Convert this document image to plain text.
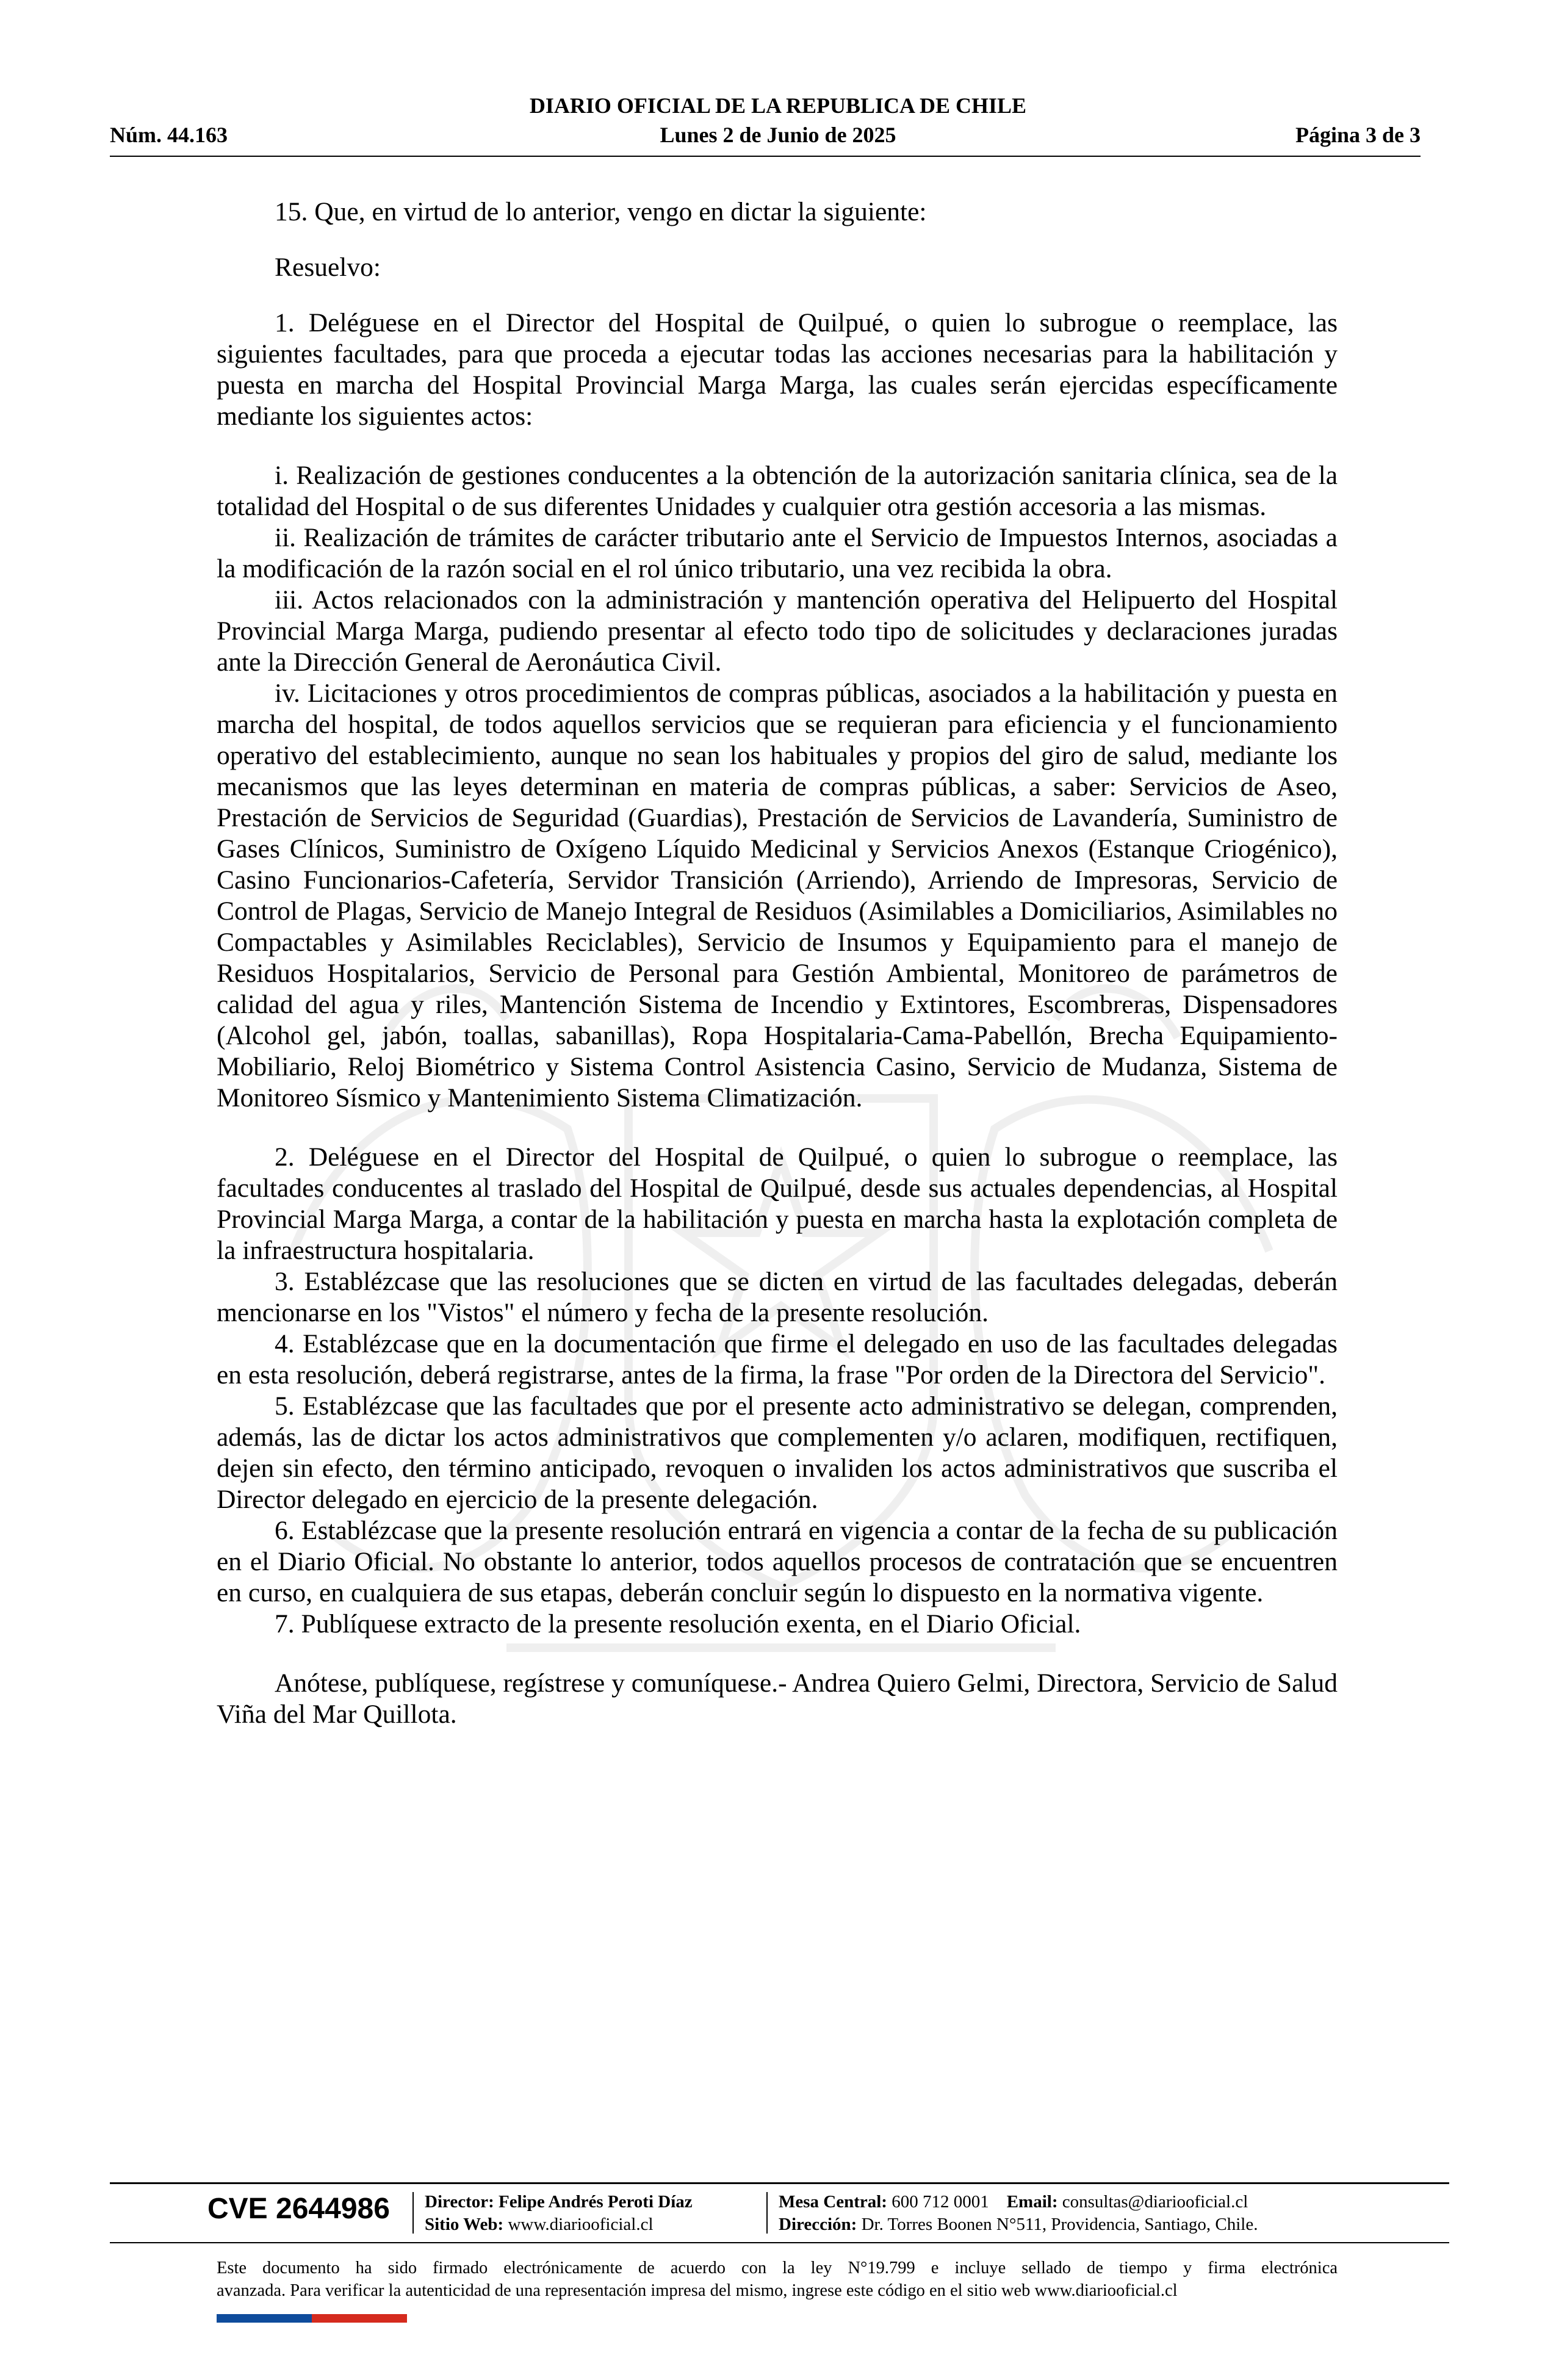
DIARIO OFICIAL DE LA REPUBLICA DE CHILE
Núm. 44.163	Lunes 2 de Junio de 2025	Página 3 de 3

15. Que, en virtud de lo anterior, vengo en dictar la siguiente:

Resuelvo:

1. Deléguese en el Director del Hospital de Quilpué, o quien lo subrogue o reemplace, las siguientes facultades, para que proceda a ejecutar todas las acciones necesarias para la habilitación y puesta en marcha del Hospital Provincial Marga Marga, las cuales serán ejercidas específicamente mediante los siguientes actos:

i. Realización de gestiones conducentes a la obtención de la autorización sanitaria clínica, sea de la totalidad del Hospital o de sus diferentes Unidades y cualquier otra gestión accesoria a las mismas.

ii. Realización de trámites de carácter tributario ante el Servicio de Impuestos Internos, asociadas a la modificación de la razón social en el rol único tributario, una vez recibida la obra.

iii. Actos relacionados con la administración y mantención operativa del Helipuerto del Hospital Provincial Marga Marga, pudiendo presentar al efecto todo tipo de solicitudes y declaraciones juradas ante la Dirección General de Aeronáutica Civil.

iv. Licitaciones y otros procedimientos de compras públicas, asociados a la habilitación y puesta en marcha del hospital, de todos aquellos servicios que se requieran para eficiencia y el funcionamiento operativo del establecimiento, aunque no sean los habituales y propios del giro de salud, mediante los mecanismos que las leyes determinan en materia de compras públicas, a saber: Servicios de Aseo, Prestación de Servicios de Seguridad (Guardias), Prestación de Servicios de Lavandería, Suministro de Gases Clínicos, Suministro de Oxígeno Líquido Medicinal y Servicios Anexos (Estanque Criogénico), Casino Funcionarios-Cafetería, Servidor Transición (Arriendo), Arriendo de Impresoras, Servicio de Control de Plagas, Servicio de Manejo Integral de Residuos (Asimilables a Domiciliarios, Asimilables no Compactables y Asimilables Reciclables), Servicio de Insumos y Equipamiento para el manejo de Residuos Hospitalarios, Servicio de Personal para Gestión Ambiental, Monitoreo de parámetros de calidad del agua y riles, Mantención Sistema de Incendio y Extintores, Escombreras, Dispensadores (Alcohol gel, jabón, toallas, sabanillas), Ropa Hospitalaria-Cama-Pabellón, Brecha Equipamiento-Mobiliario, Reloj Biométrico y Sistema Control Asistencia Casino, Servicio de Mudanza, Sistema de Monitoreo Sísmico y Mantenimiento Sistema Climatización.

2. Deléguese en el Director del Hospital de Quilpué, o quien lo subrogue o reemplace, las facultades conducentes al traslado del Hospital de Quilpué, desde sus actuales dependencias, al Hospital Provincial Marga Marga, a contar de la habilitación y puesta en marcha hasta la explotación completa de la infraestructura hospitalaria.

3. Establézcase que las resoluciones que se dicten en virtud de las facultades delegadas, deberán mencionarse en los "Vistos" el número y fecha de la presente resolución.

4. Establézcase que en la documentación que firme el delegado en uso de las facultades delegadas en esta resolución, deberá registrarse, antes de la firma, la frase "Por orden de la Directora del Servicio".

5. Establézcase que las facultades que por el presente acto administrativo se delegan, comprenden, además, las de dictar los actos administrativos que complementen y/o aclaren, modifiquen, rectifiquen, dejen sin efecto, den término anticipado, revoquen o invaliden los actos administrativos que suscriba el Director delegado en ejercicio de la presente delegación.

6. Establézcase que la presente resolución entrará en vigencia a contar de la fecha de su publicación en el Diario Oficial. No obstante lo anterior, todos aquellos procesos de contratación que se encuentren en curso, en cualquiera de sus etapas, deberán concluir según lo dispuesto en la normativa vigente.

7. Publíquese extracto de la presente resolución exenta, en el Diario Oficial.

Anótese, publíquese, regístrese y comuníquese.- Andrea Quiero Gelmi, Directora, Servicio de Salud Viña del Mar Quillota.

CVE 2644986 Director: Felipe Andrés Peroti Díaz
Sitio Web: www.diariooficial.cl
Mesa Central: 600 712 0001 Email: consultas@diariooficial.cl
Dirección: Dr. Torres Boonen N°511, Providencia, Santiago, Chile.
Este documento ha sido firmado electrónicamente de acuerdo con la ley N°19.799 e incluye sellado de tiempo y firma electrónica
avanzada. Para verificar la autenticidad de una representación impresa del mismo, ingrese este código en el sitio web www.diariooficial.cl
